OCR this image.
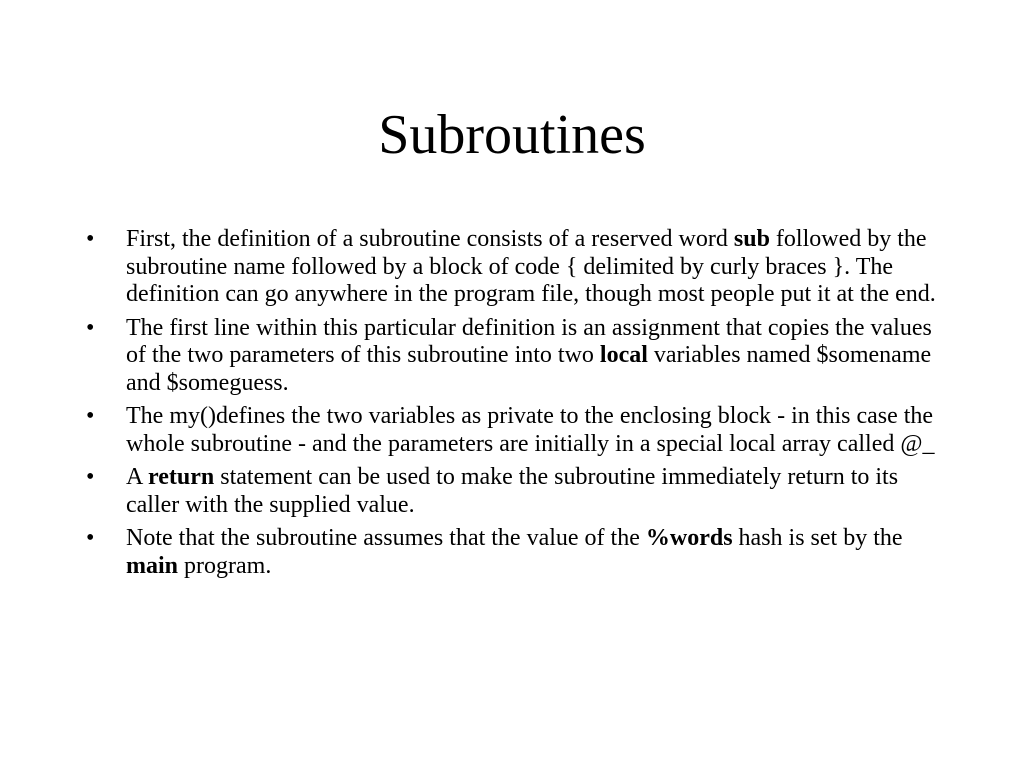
Subroutines
•	First, the definition of a subroutine consists of a reserved word sub followed by the subroutine name followed by a block of code { delimited by curly braces }. The definition can go anywhere in the program file, though most people put it at the end.
•	The first line within this particular definition is an assignment that copies the values of the two parameters of this subroutine into two local variables named $somename and $someguess.
•	The my()defines the two variables as private to the enclosing block - in this case the whole subroutine - and the parameters are initially in a special local array called @_
•	A return statement can be used to make the subroutine immediately return to its caller with the supplied value.
•	Note that the subroutine assumes that the value of the %words hash is set by the main program.
